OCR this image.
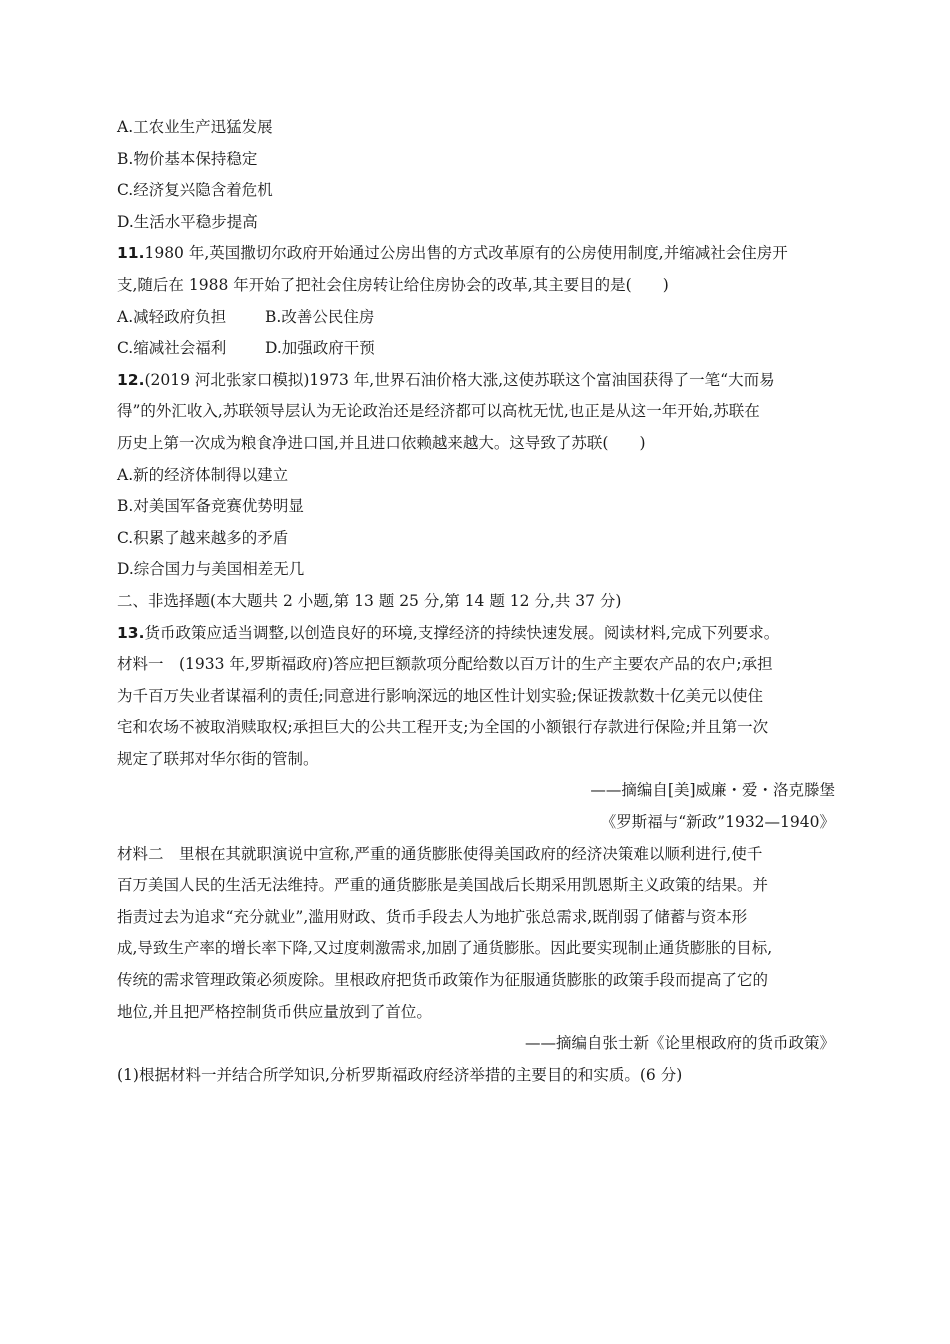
A.工农业生产迅猛发展
B.物价基本保持稳定
C.经济复兴隐含着危机
D.生活水平稳步提高
11.1980 年,英国撒切尔政府开始通过公房出售的方式改革原有的公房使用制度,并缩减社会住房开
支,随后在 1988 年开始了把社会住房转让给住房协会的改革,其主要目的是(　　)
A.减轻政府负担	B.改善公民住房
C.缩减社会福利	D.加强政府干预
12.(2019 河北张家口模拟)1973 年,世界石油价格大涨,这使苏联这个富油国获得了一笔“大而易
得”的外汇收入,苏联领导层认为无论政治还是经济都可以高枕无忧,也正是从这一年开始,苏联在
历史上第一次成为粮食净进口国,并且进口依赖越来越大。这导致了苏联(　　)
A.新的经济体制得以建立
B.对美国军备竞赛优势明显
C.积累了越来越多的矛盾
D.综合国力与美国相差无几
二、非选择题(本大题共 2 小题,第 13 题 25 分,第 14 题 12 分,共 37 分)
13.货币政策应适当调整,以创造良好的环境,支撑经济的持续快速发展。阅读材料,完成下列要求。
材料一　(1933 年,罗斯福政府)答应把巨额款项分配给数以百万计的生产主要农产品的农户;承担
为千百万失业者谋福利的责任;同意进行影响深远的地区性计划实验;保证拨款数十亿美元以使住
宅和农场不被取消赎取权;承担巨大的公共工程开支;为全国的小额银行存款进行保险;并且第一次
规定了联邦对华尔街的管制。
——摘编自[美]威廉・爱・洛克滕堡
《罗斯福与“新政”1932—1940》
材料二　里根在其就职演说中宣称,严重的通货膨胀使得美国政府的经济决策难以顺利进行,使千
百万美国人民的生活无法维持。严重的通货膨胀是美国战后长期采用凯恩斯主义政策的结果。并
指责过去为追求“充分就业”,滥用财政、货币手段去人为地扩张总需求,既削弱了储蓄与资本形
成,导致生产率的增长率下降,又过度刺激需求,加剧了通货膨胀。因此要实现制止通货膨胀的目标,
传统的需求管理政策必须废除。里根政府把货币政策作为征服通货膨胀的政策手段而提高了它的
地位,并且把严格控制货币供应量放到了首位。
——摘编自张士新《论里根政府的货币政策》
(1)根据材料一并结合所学知识,分析罗斯福政府经济举措的主要目的和实质。(6 分)
